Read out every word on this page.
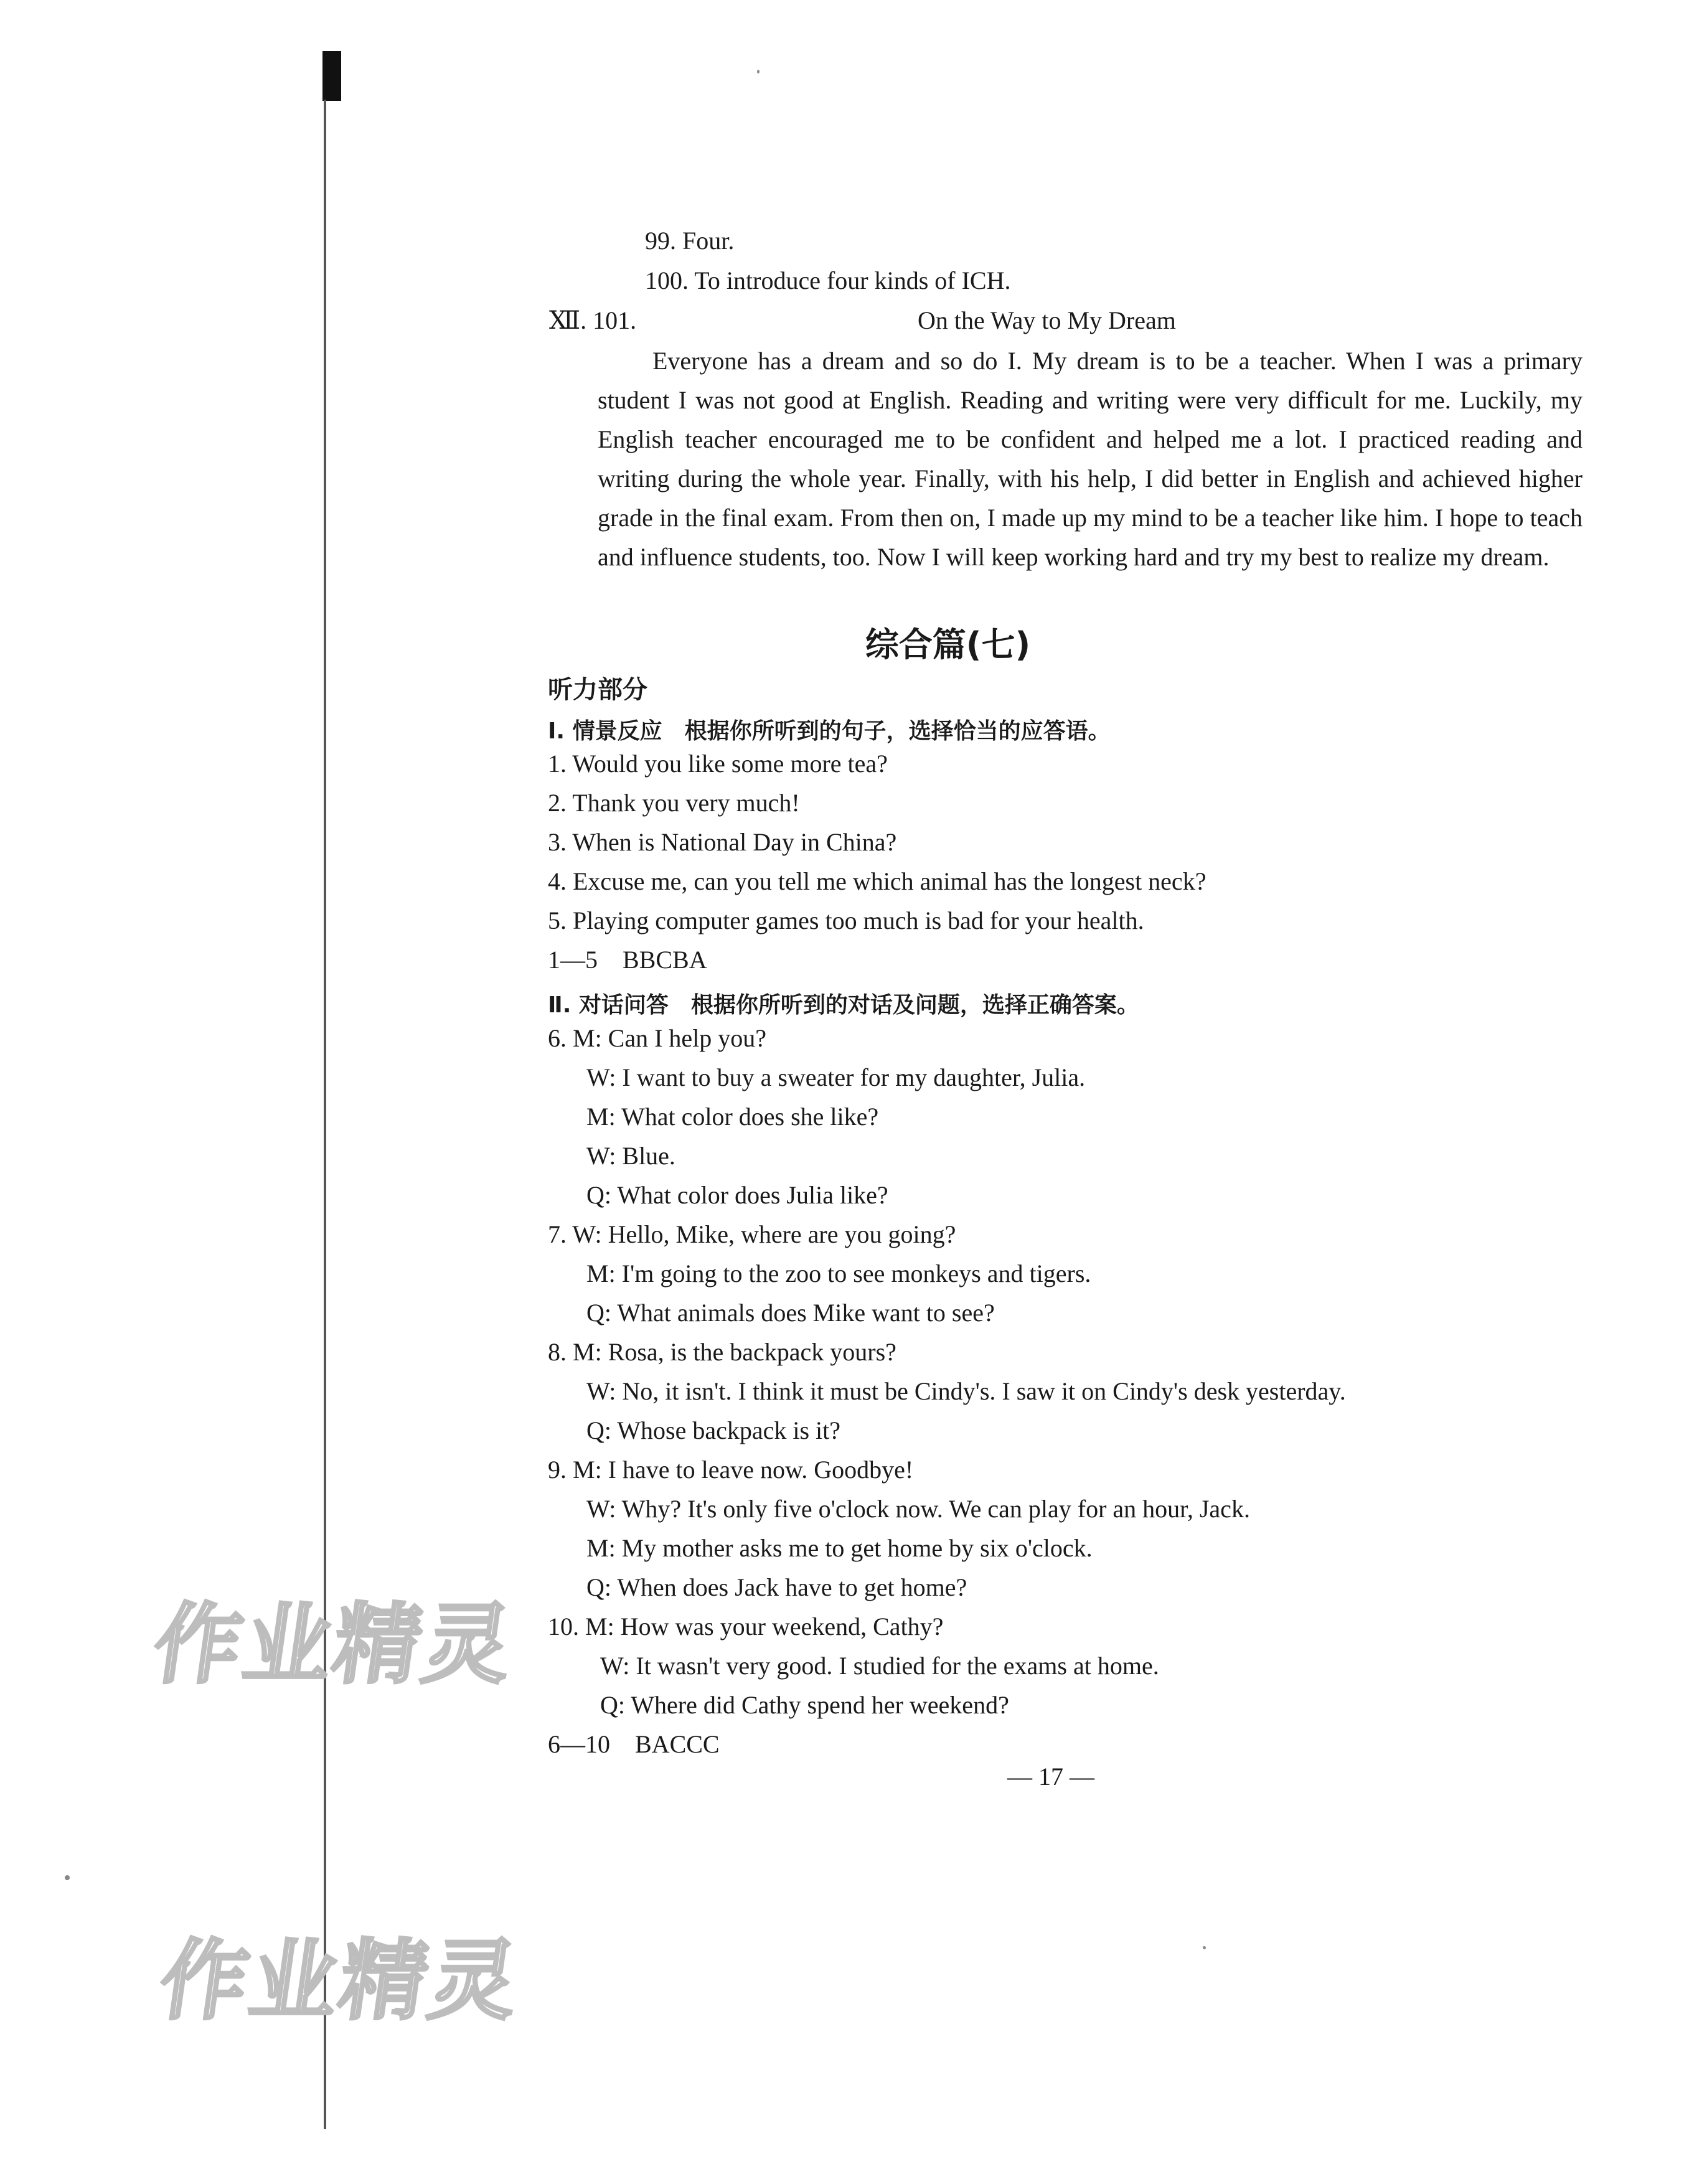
99. Four.
100. To introduce four kinds of ICH.
Ⅻ. 101.	On the Way to My Dream
Everyone has a dream and so do I. My dream is to be a teacher. When I was a primary student I was not good at English. Reading and writing were very difficult for me. Luckily, my English teacher encouraged me to be confident and helped me a lot. I practiced reading and writing during the whole year. Finally, with his help, I did better in English and achieved higher grade in the final exam. From then on, I made up my mind to be a teacher like him. I hope to teach and influence students, too. Now I will keep working hard and try my best to realize my dream.
综合篇(七)
听力部分
Ⅰ. 情景反应　根据你所听到的句子，选择恰当的应答语。
1. Would you like some more tea?
2. Thank you very much!
3. When is National Day in China?
4. Excuse me, can you tell me which animal has the longest neck?
5. Playing computer games too much is bad for your health.
1—5　BBCBA
Ⅱ. 对话问答　根据你所听到的对话及问题，选择正确答案。
6. M: Can I help you?
W: I want to buy a sweater for my daughter, Julia.
M: What color does she like?
W: Blue.
Q: What color does Julia like?
7. W: Hello, Mike, where are you going?
M: I'm going to the zoo to see monkeys and tigers.
Q: What animals does Mike want to see?
8. M: Rosa, is the backpack yours?
W: No, it isn't. I think it must be Cindy's. I saw it on Cindy's desk yesterday.
Q: Whose backpack is it?
9. M: I have to leave now. Goodbye!
W: Why? It's only five o'clock now. We can play for an hour, Jack.
M: My mother asks me to get home by six o'clock.
Q: When does Jack have to get home?
10. M: How was your weekend, Cathy?
W: It wasn't very good. I studied for the exams at home.
Q: Where did Cathy spend her weekend?
6—10　BACCC
— 17 —
作业精灵
作业精灵
